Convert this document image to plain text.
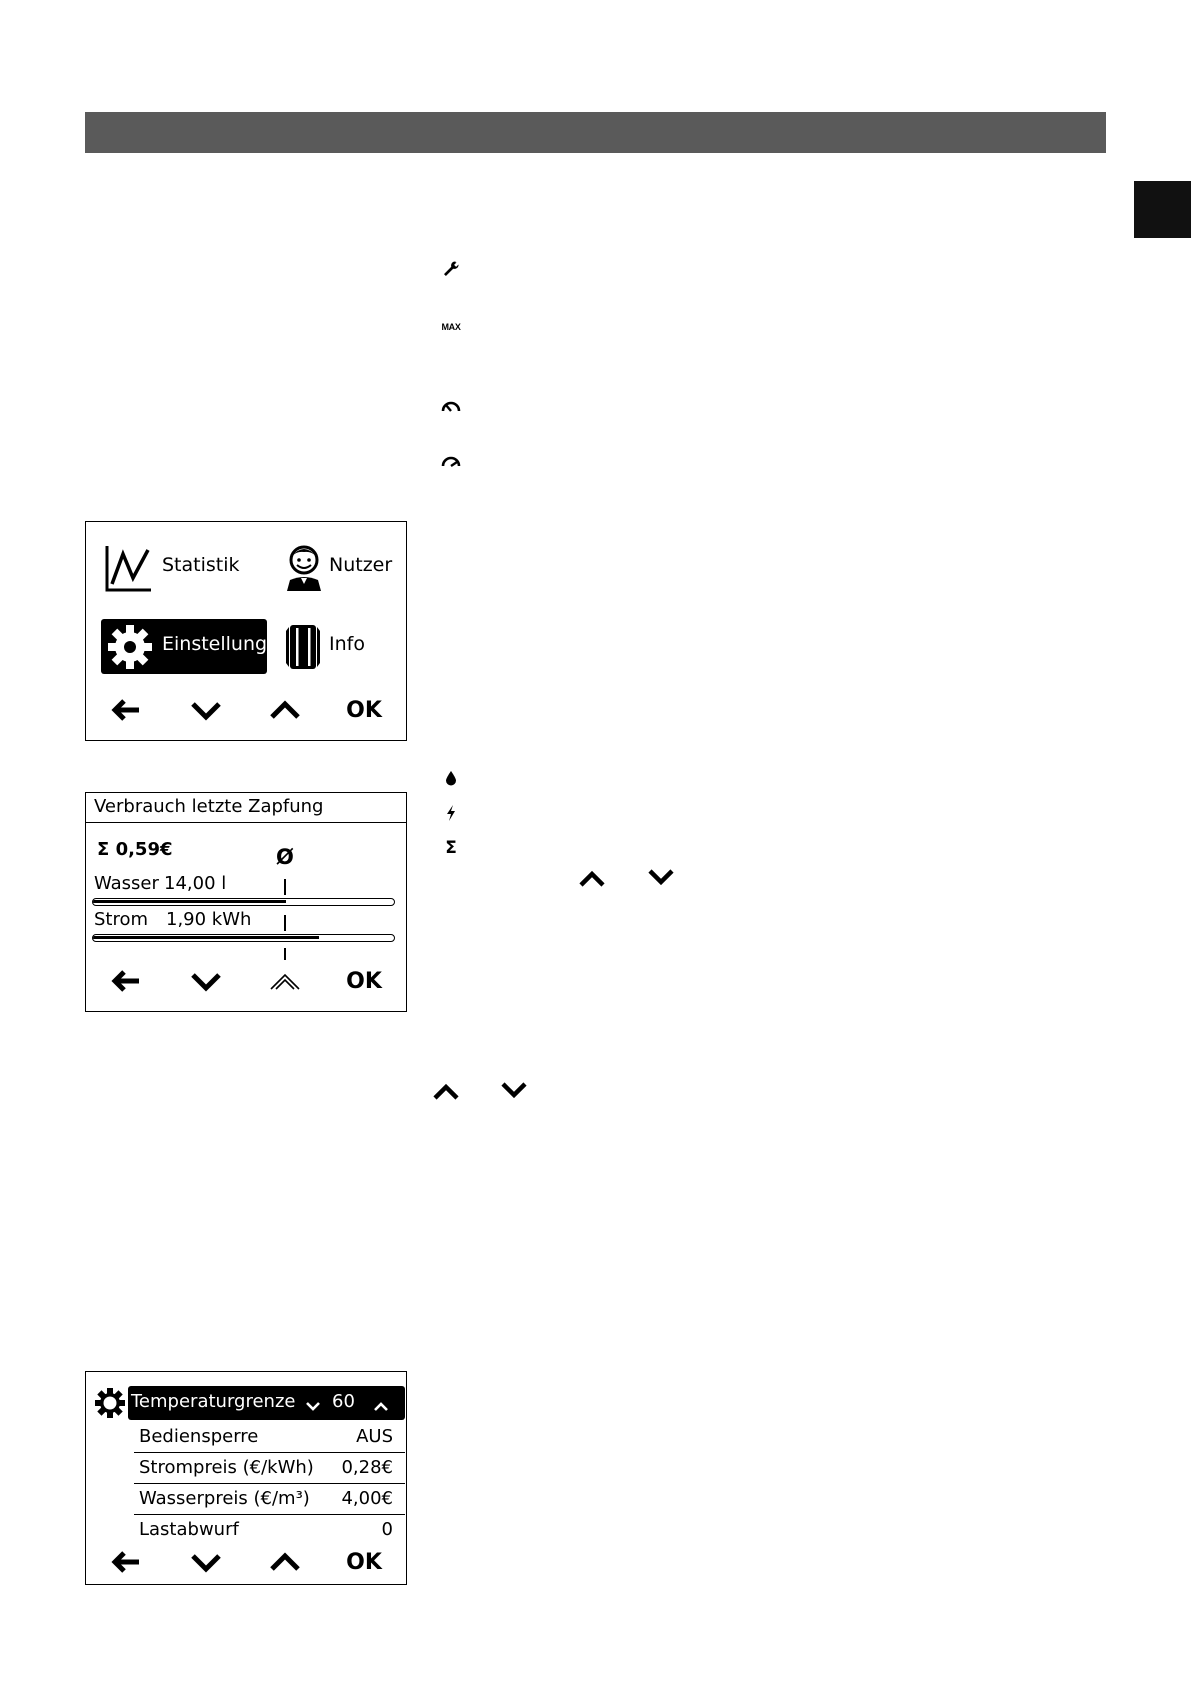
MAX
Σ
Statistik	Nutzer
Einstellung	Info
OK
Verbrauch letzte Zapfung
Σ 0,59€	Ø
Wasser 14,00 l
Strom 1,90 kWh
OK
Temperaturgrenze 60
Bediensperre	AUS
Strompreis (€/kWh) 0,28€
Wasserpreis (€/m³) 4,00€
Lastabwurf	0
OK
